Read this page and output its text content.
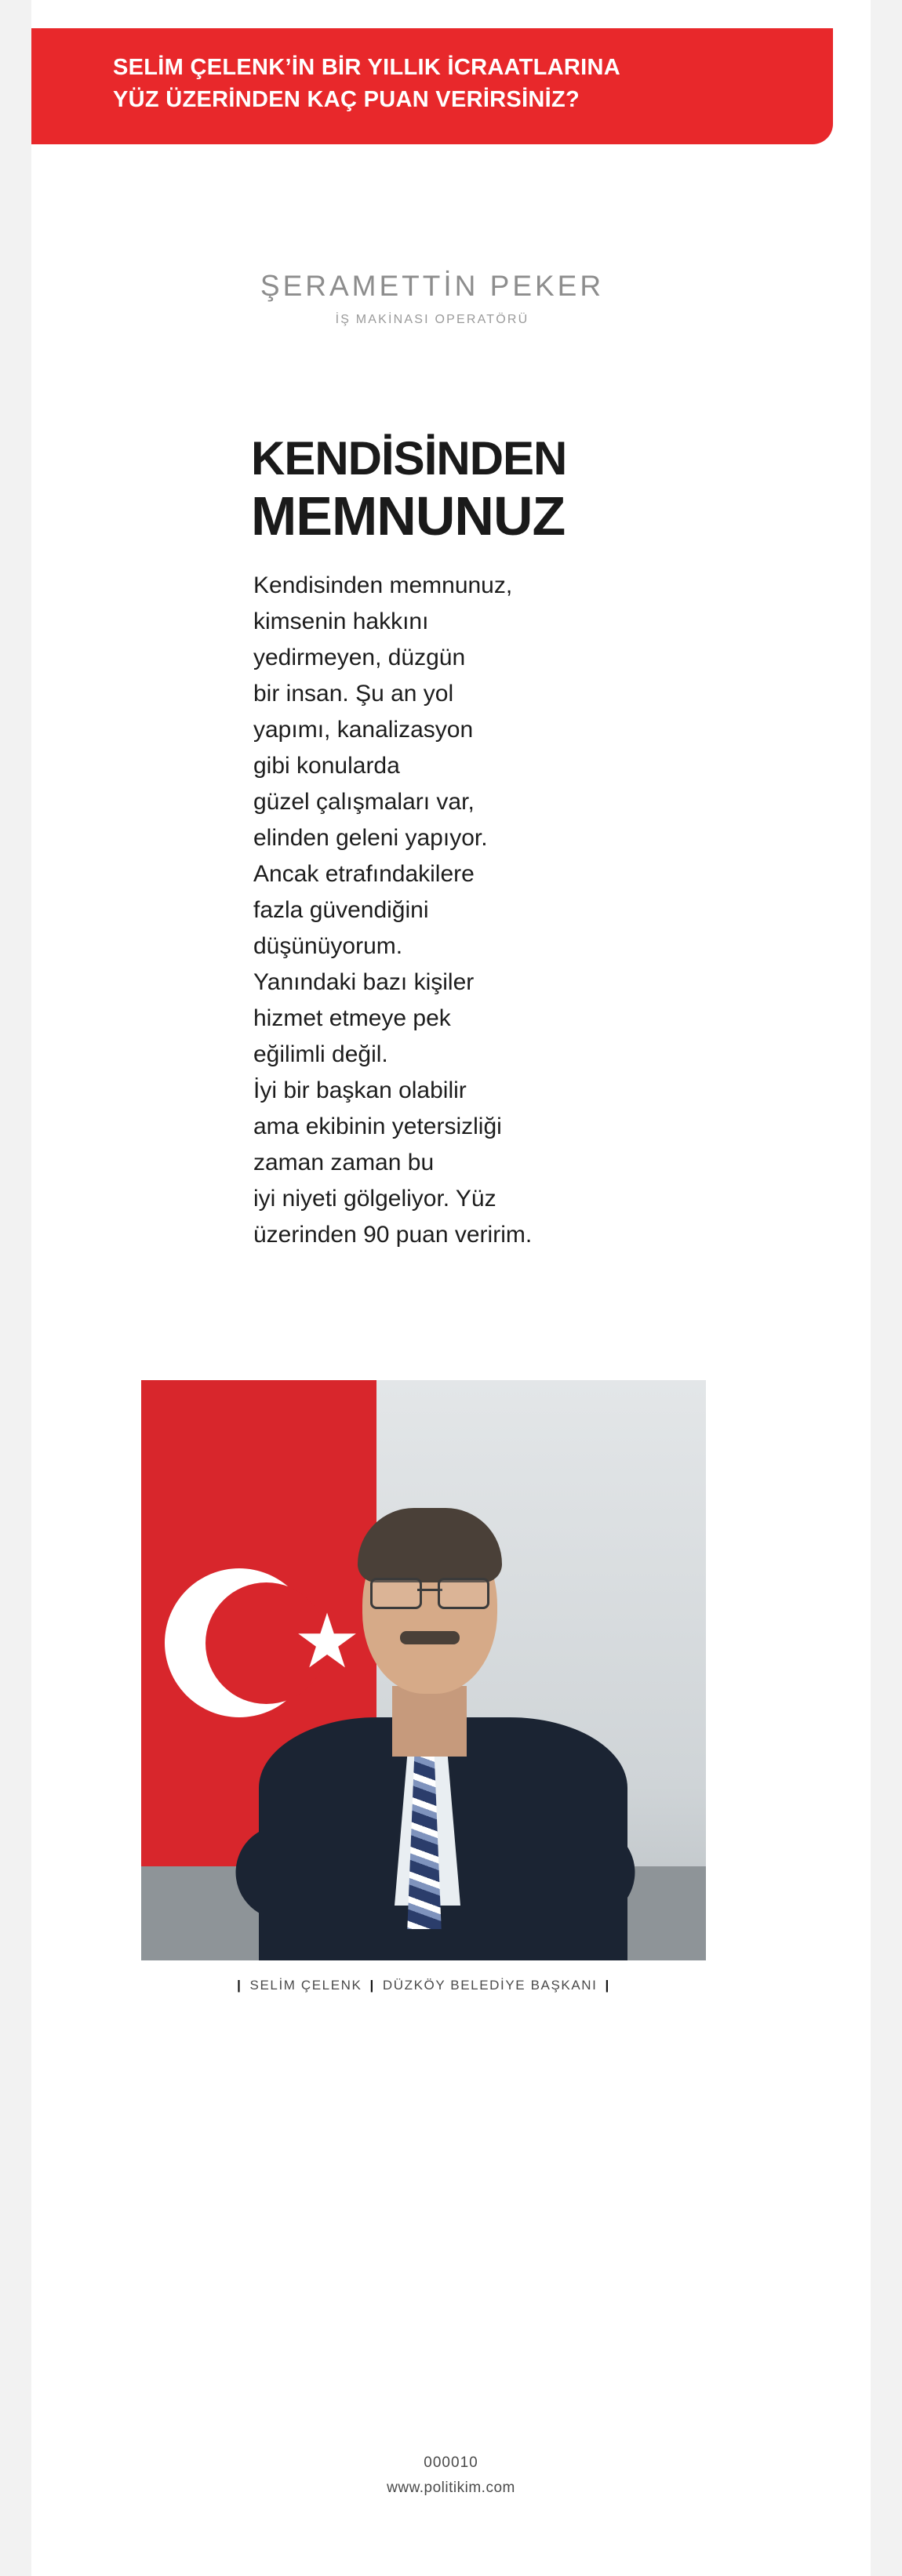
SELİM ÇELENK’İN BİR YILLIK İCRAATLARINA
YÜZ ÜZERİNDEN KAÇ PUAN VERİRSİNİZ?
ŞERAMETTİN PEKER
İŞ MAKİNASI OPERATÖRÜ
KENDİSİNDEN
MEMNUNUZ

Kendisinden memnunuz,

kimsenin hakkını

yedirmeyen, düzgün

bir insan. Şu an yol

yapımı, kanalizasyon

gibi konularda

güzel çalışmaları var,

elinden geleni yapıyor.

Ancak etrafındakilere

fazla güvendiğini

düşünüyorum.

Yanındaki bazı kişiler

hizmet etmeye pek

eğilimli değil.

İyi bir başkan olabilir

ama ekibinin yetersizliği

zaman zaman bu

iyi niyeti gölgeliyor. Yüz

üzerinden 90 puan veririm.

| SELİM ÇELENK | DÜZKÖY BELEDİYE BAŞKANI |
000010
www.politikim.com
